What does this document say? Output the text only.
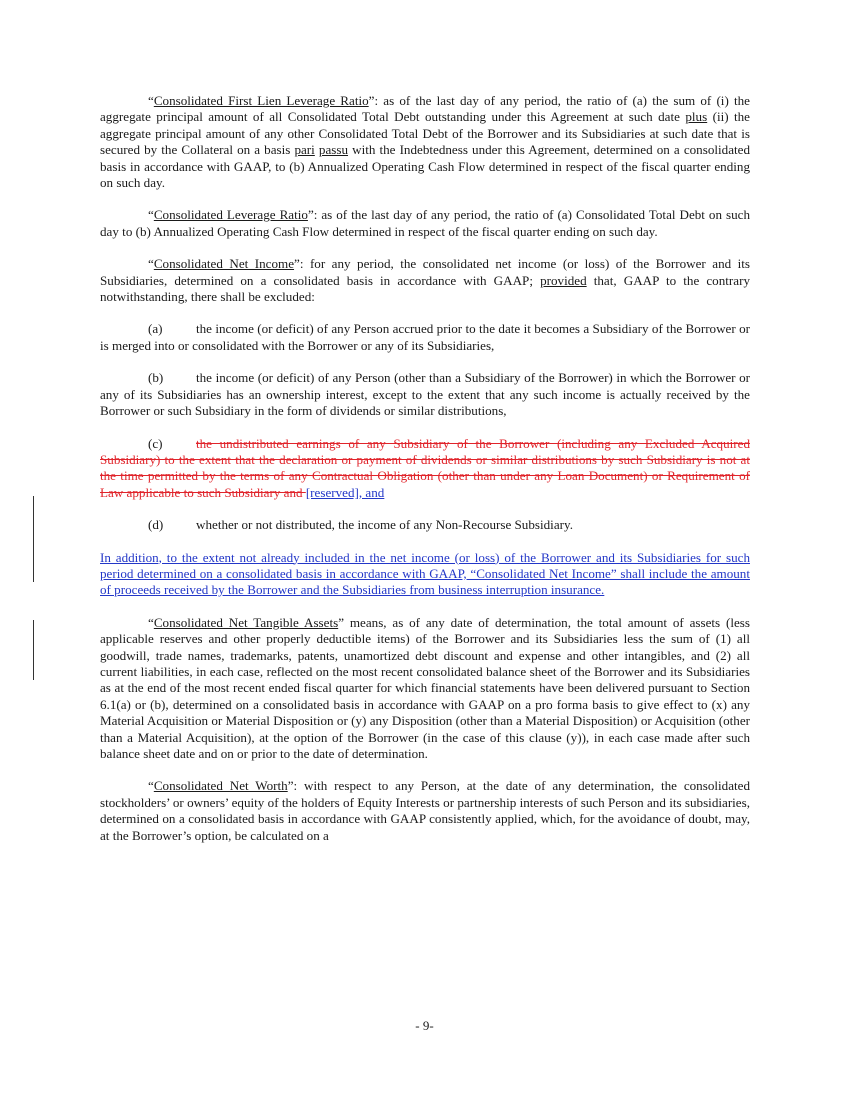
“Consolidated First Lien Leverage Ratio”: as of the last day of any period, the ratio of (a) the sum of (i) the aggregate principal amount of all Consolidated Total Debt outstanding under this Agreement at such date plus (ii) the aggregate principal amount of any other Consolidated Total Debt of the Borrower and its Subsidiaries at such date that is secured by the Collateral on a basis pari passu with the Indebtedness under this Agreement, determined on a consolidated basis in accordance with GAAP, to (b) Annualized Operating Cash Flow determined in respect of the fiscal quarter ending on such day.

“Consolidated Leverage Ratio”: as of the last day of any period, the ratio of (a) Consolidated Total Debt on such day to (b) Annualized Operating Cash Flow determined in respect of the fiscal quarter ending on such day.

“Consolidated Net Income”: for any period, the consolidated net income (or loss) of the Borrower and its Subsidiaries, determined on a consolidated basis in accordance with GAAP; provided that, GAAP to the contrary notwithstanding, there shall be excluded:

(a)	the income (or deficit) of any Person accrued prior to the date it becomes a Subsidiary of the Borrower or is merged into or consolidated with the Borrower or any of its Subsidiaries,

(b) the income (or deficit) of any Person (other than a Subsidiary of the Borrower) in which the Borrower or any of its Subsidiaries has an ownership interest, except to the extent that any such income is actually received by the Borrower or such Subsidiary in the form of dividends or similar distributions,

(c)	the undistributed earnings of any Subsidiary of the Borrower (including any Excluded Acquired Subsidiary) to the extent that the declaration or payment of dividends or similar distributions by such Subsidiary is not at the time permitted by the terms of any Contractual Obligation (other than under any Loan Document) or Requirement of Law applicable to such Subsidiary and [reserved], and

(d) whether or not distributed, the income of any Non-Recourse Subsidiary.

In addition, to the extent not already included in the net income (or loss) of the Borrower and its Subsidiaries for such period determined on a consolidated basis in accordance with GAAP, “Consolidated Net Income” shall include the amount of proceeds received by the Borrower and the Subsidiaries from business interruption insurance.

“Consolidated Net Tangible Assets” means, as of any date of determination, the total amount of assets (less applicable reserves and other properly deductible items) of the Borrower and its Subsidiaries less the sum of (1) all goodwill, trade names, trademarks, patents, unamortized debt discount and expense and other intangibles, and (2) all current liabilities, in each case, reflected on the most recent consolidated balance sheet of the Borrower and its Subsidiaries as at the end of the most recent ended fiscal quarter for which financial statements have been delivered pursuant to Section 6.1(a) or (b), determined on a consolidated basis in accordance with GAAP on a pro forma basis to give effect to (x) any Material Acquisition or Material Disposition or (y) any Disposition (other than a Material Disposition) or Acquisition (other than a Material Acquisition), at the option of the Borrower (in the case of this clause (y)), in each case made after such balance sheet date and on or prior to the date of determination.

“Consolidated Net Worth”: with respect to any Person, at the date of any determination, the consolidated stockholders’ or owners’ equity of the holders of Equity Interests or partnership interests of such Person and its subsidiaries, determined on a consolidated basis in accordance with GAAP consistently applied, which, for the avoidance of doubt, may, at the Borrower’s option, be calculated on a

- 9-
